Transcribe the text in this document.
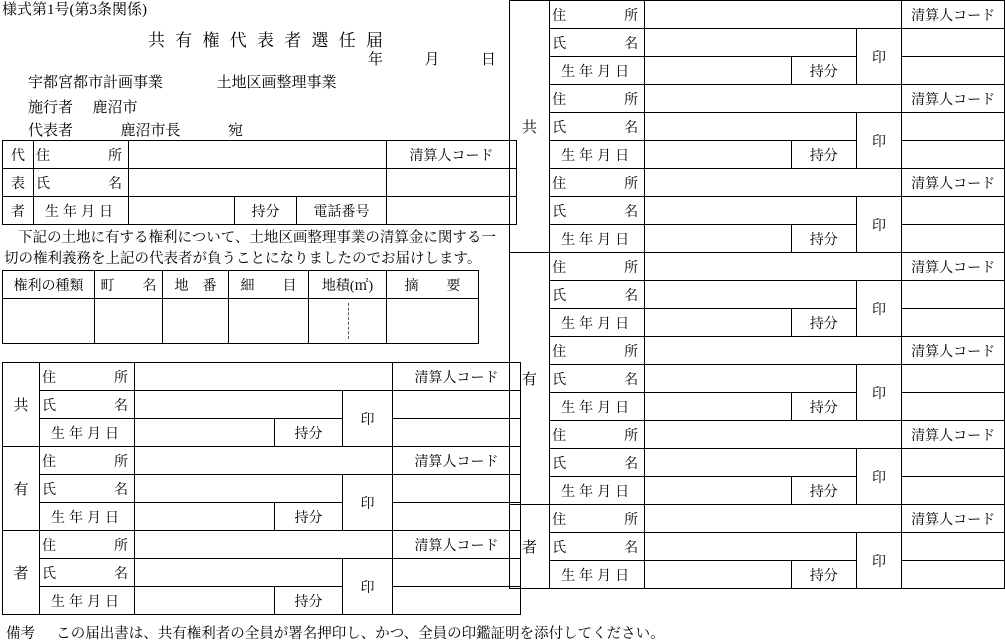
様式第1号(第3条関係)
共 有 権 代 表 者 選 任 届
年	月	日
宇都宮都市計画事業	土地区画整理事業
施行者 鹿沼市
代表者	鹿沼市長	宛
代	住　　　所				清算人コード
表	氏　　　名				
者	生年月日		持分	電話番号	
下記の土地に有する権利について、土地区画整理事業の清算金に関する一切の権利義務を上記の代表者が負うことになりましたのでお届けします。
権利の種類	町　　名	地　番	細　　目	地積(㎡)	摘　　要

共	住　　　所				清算人コード
	氏　　　名			印	
	生年月日		持分		
有	住　　　所				清算人コード
	氏　　　名			印	
	生年月日		持分		
者	住　　　所				清算人コード
	氏　　　名			印	
	生年月日		持分		
共	住　　　所				清算人コード
	氏　　　名			印	
	生年月日		持分		
	住　　　所				清算人コード
	氏　　　名			印	
	生年月日		持分		
	住　　　所				清算人コード
	氏　　　名			印	
	生年月日		持分		
有	住　　　所				清算人コード
	氏　　　名			印	
	生年月日		持分		
	住　　　所				清算人コード
	氏　　　名			印	
	生年月日		持分		
	住　　　所				清算人コード
	氏　　　名			印	
	生年月日		持分		
者	住　　　所				清算人コード
	氏　　　名			印	
	生年月日		持分		
備考 この届出書は、共有権利者の全員が署名押印し、かつ、全員の印鑑証明を添付してください。
